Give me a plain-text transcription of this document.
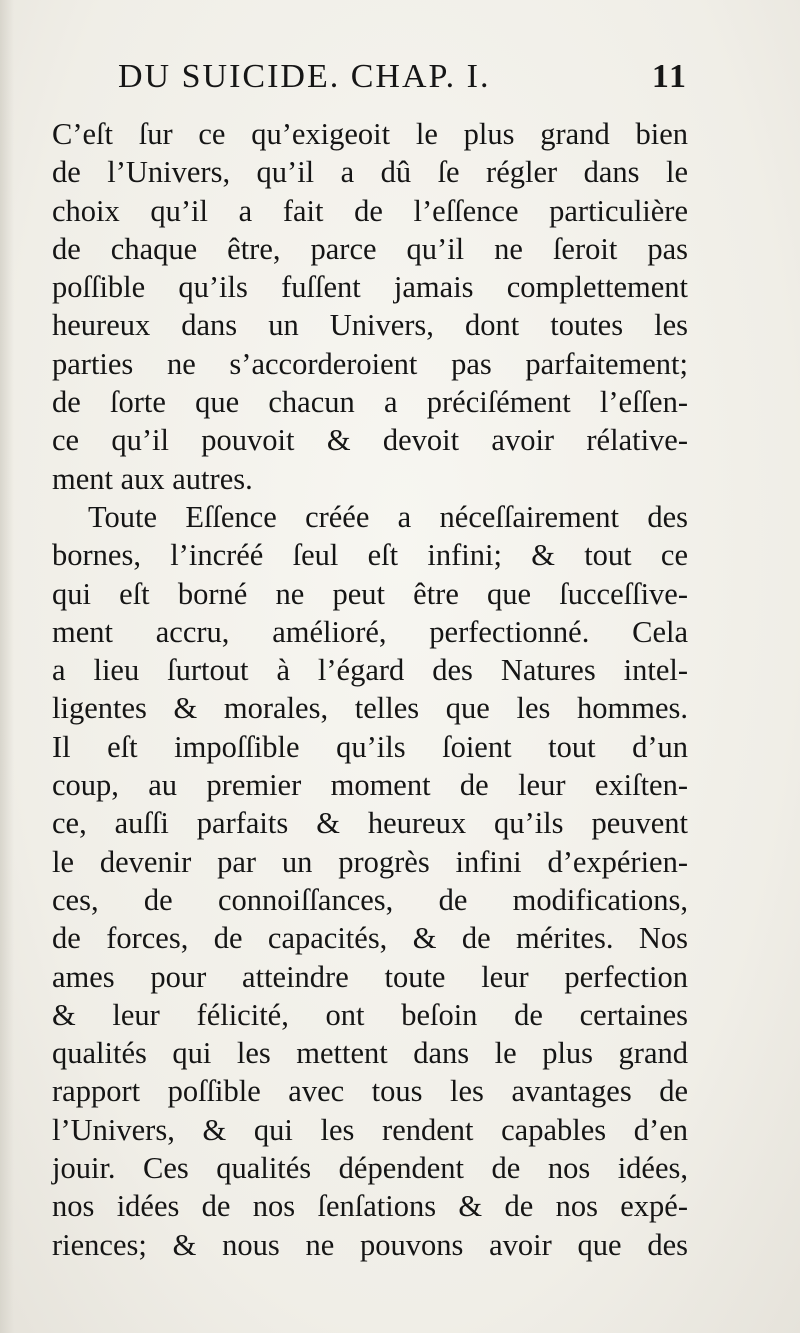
DU SUICIDE. CHAP. I.	11
C’eſt ſur ce qu’exigeoit le plus grand bien
de l’Univers, qu’il a dû ſe régler dans le
choix qu’il a fait de l’eſſence particulière
de chaque être, parce qu’il ne ſeroit pas
poſſible qu’ils fuſſent jamais complettement
heureux dans un Univers, dont toutes les
parties ne s’accorderoient pas parfaitement;
de ſorte que chacun a préciſément l’eſſen-
ce qu’il pouvoit & devoit avoir rélative-
ment aux autres.
Toute Eſſence créée a néceſſairement des
bornes, l’incréé ſeul eſt infini; & tout ce
qui eſt borné ne peut être que ſucceſſive-
ment accru, amélioré, perfectionné. Cela
a lieu ſurtout à l’égard des Natures intel-
ligentes & morales, telles que les hommes.
Il eſt impoſſible qu’ils ſoient tout d’un
coup, au premier moment de leur exiſten-
ce, auſſi parfaits & heureux qu’ils peuvent
le devenir par un progrès infini d’expérien-
ces, de connoiſſances, de modifications,
de forces, de capacités, & de mérites. Nos
ames pour atteindre toute leur perfection
& leur félicité, ont beſoin de certaines
qualités qui les mettent dans le plus grand
rapport poſſible avec tous les avantages de
l’Univers, & qui les rendent capables d’en
jouir. Ces qualités dépendent de nos idées,
nos idées de nos ſenſations & de nos expé-
riences; & nous ne pouvons avoir que des
